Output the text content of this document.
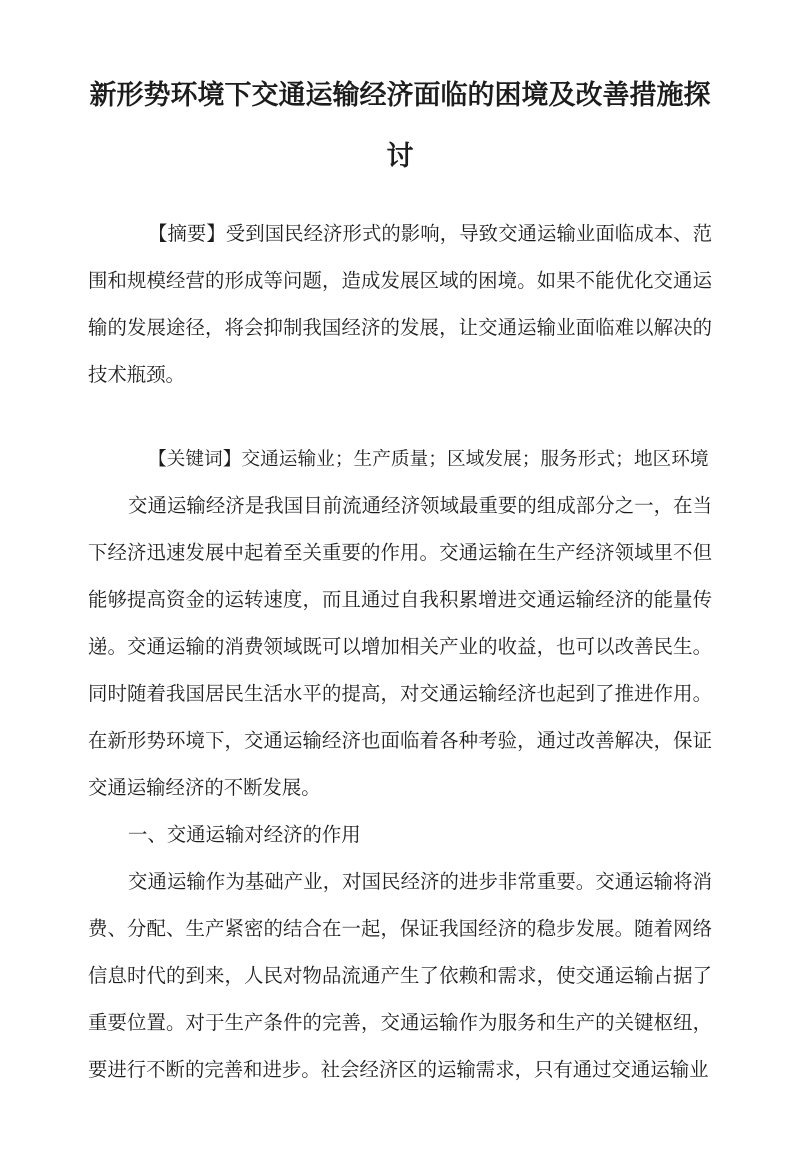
新形势环境下交通运输经济面临的困境及改善措施探讨

【摘要】受到国民经济形式的影响，导致交通运输业面临成本、范围和规模经营的形成等问题，造成发展区域的困境。如果不能优化交通运输的发展途径，将会抑制我国经济的发展，让交通运输业面临难以解决的技术瓶颈。

【关键词】交通运输业；生产质量；区域发展；服务形式；地区环境

交通运输经济是我国目前流通经济领域最重要的组成部分之一，在当下经济迅速发展中起着至关重要的作用。交通运输在生产经济领域里不但能够提高资金的运转速度，而且通过自我积累增进交通运输经济的能量传递。交通运输的消费领域既可以增加相关产业的收益，也可以改善民生。同时随着我国居民生活水平的提高，对交通运输经济也起到了推进作用。在新形势环境下，交通运输经济也面临着各种考验，通过改善解决，保证交通运输经济的不断发展。

一、交通运输对经济的作用

交通运输作为基础产业，对国民经济的进步非常重要。交通运输将消费、分配、生产紧密的结合在一起，保证我国经济的稳步发展。随着网络信息时代的到来，人民对物品流通产生了依赖和需求，使交通运输占据了重要位置。对于生产条件的完善，交通运输作为服务和生产的关键枢纽，要进行不断的完善和进步。社会经济区的运输需求，只有通过交通运输业
